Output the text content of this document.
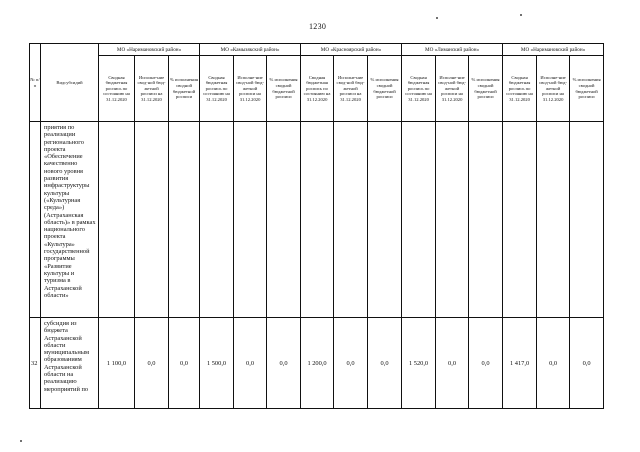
1230
№ п/п	Видсубсидий	МО «Наримановский район»			МО «Камызякский район»			МО «Красноярский район»			МО «Лиманский район»			МО «Наримановский район»		

		Сводная бюджетная роспись по состоянию на 31.12.2020	Исполне-ние свод-ной бюд-жетной росписи на 31.12.2020	% исполнения сводной бюджетной росписи	Сводная бюджетная роспись по состоянию на 31.12.2020	Исполне-ние свод-ной бюд-жетной росписи на 31.12.2020	% исполнения сводной бюджетной росписи	Сводная бюджетная роспись по состоянию на 31.12.2020	Исполне-ние свод-ной бюд-жетной росписи на 31.12.2020	% исполнения сводной бюджетной росписи	Сводная бюджетная роспись по состоянию на 31.12.2020	Исполне-ние свод-ной бюд-жетной росписи на 31.12.2020	% исполнения сводной бюджетной росписи	Сводная бюджетная роспись по состоянию на 31.12.2020	Исполне-ние свод-ной бюд-жетной росписи на 31.12.2020	% исполнения сводной бюджетной росписи

	приятия по реализации регионального проекта «Обеспечение качественно нового уровня развития инфраструктуры культуры («Культурная среда») (Астраханская область)» в рамках национального проекта «Культура» государственной программы «Развитие культуры и туризма в Астраханской области»															
32	субсидия из бюджета Астраханской области муниципальным образованиям Астраханской области на реализацию мероприятий по	1 100,0	0,0	0,0	1 500,0	0,0	0,0	1 200,0	0,0	0,0	1 520,0	0,0	0,0	1 417,0	0,0	0,0
